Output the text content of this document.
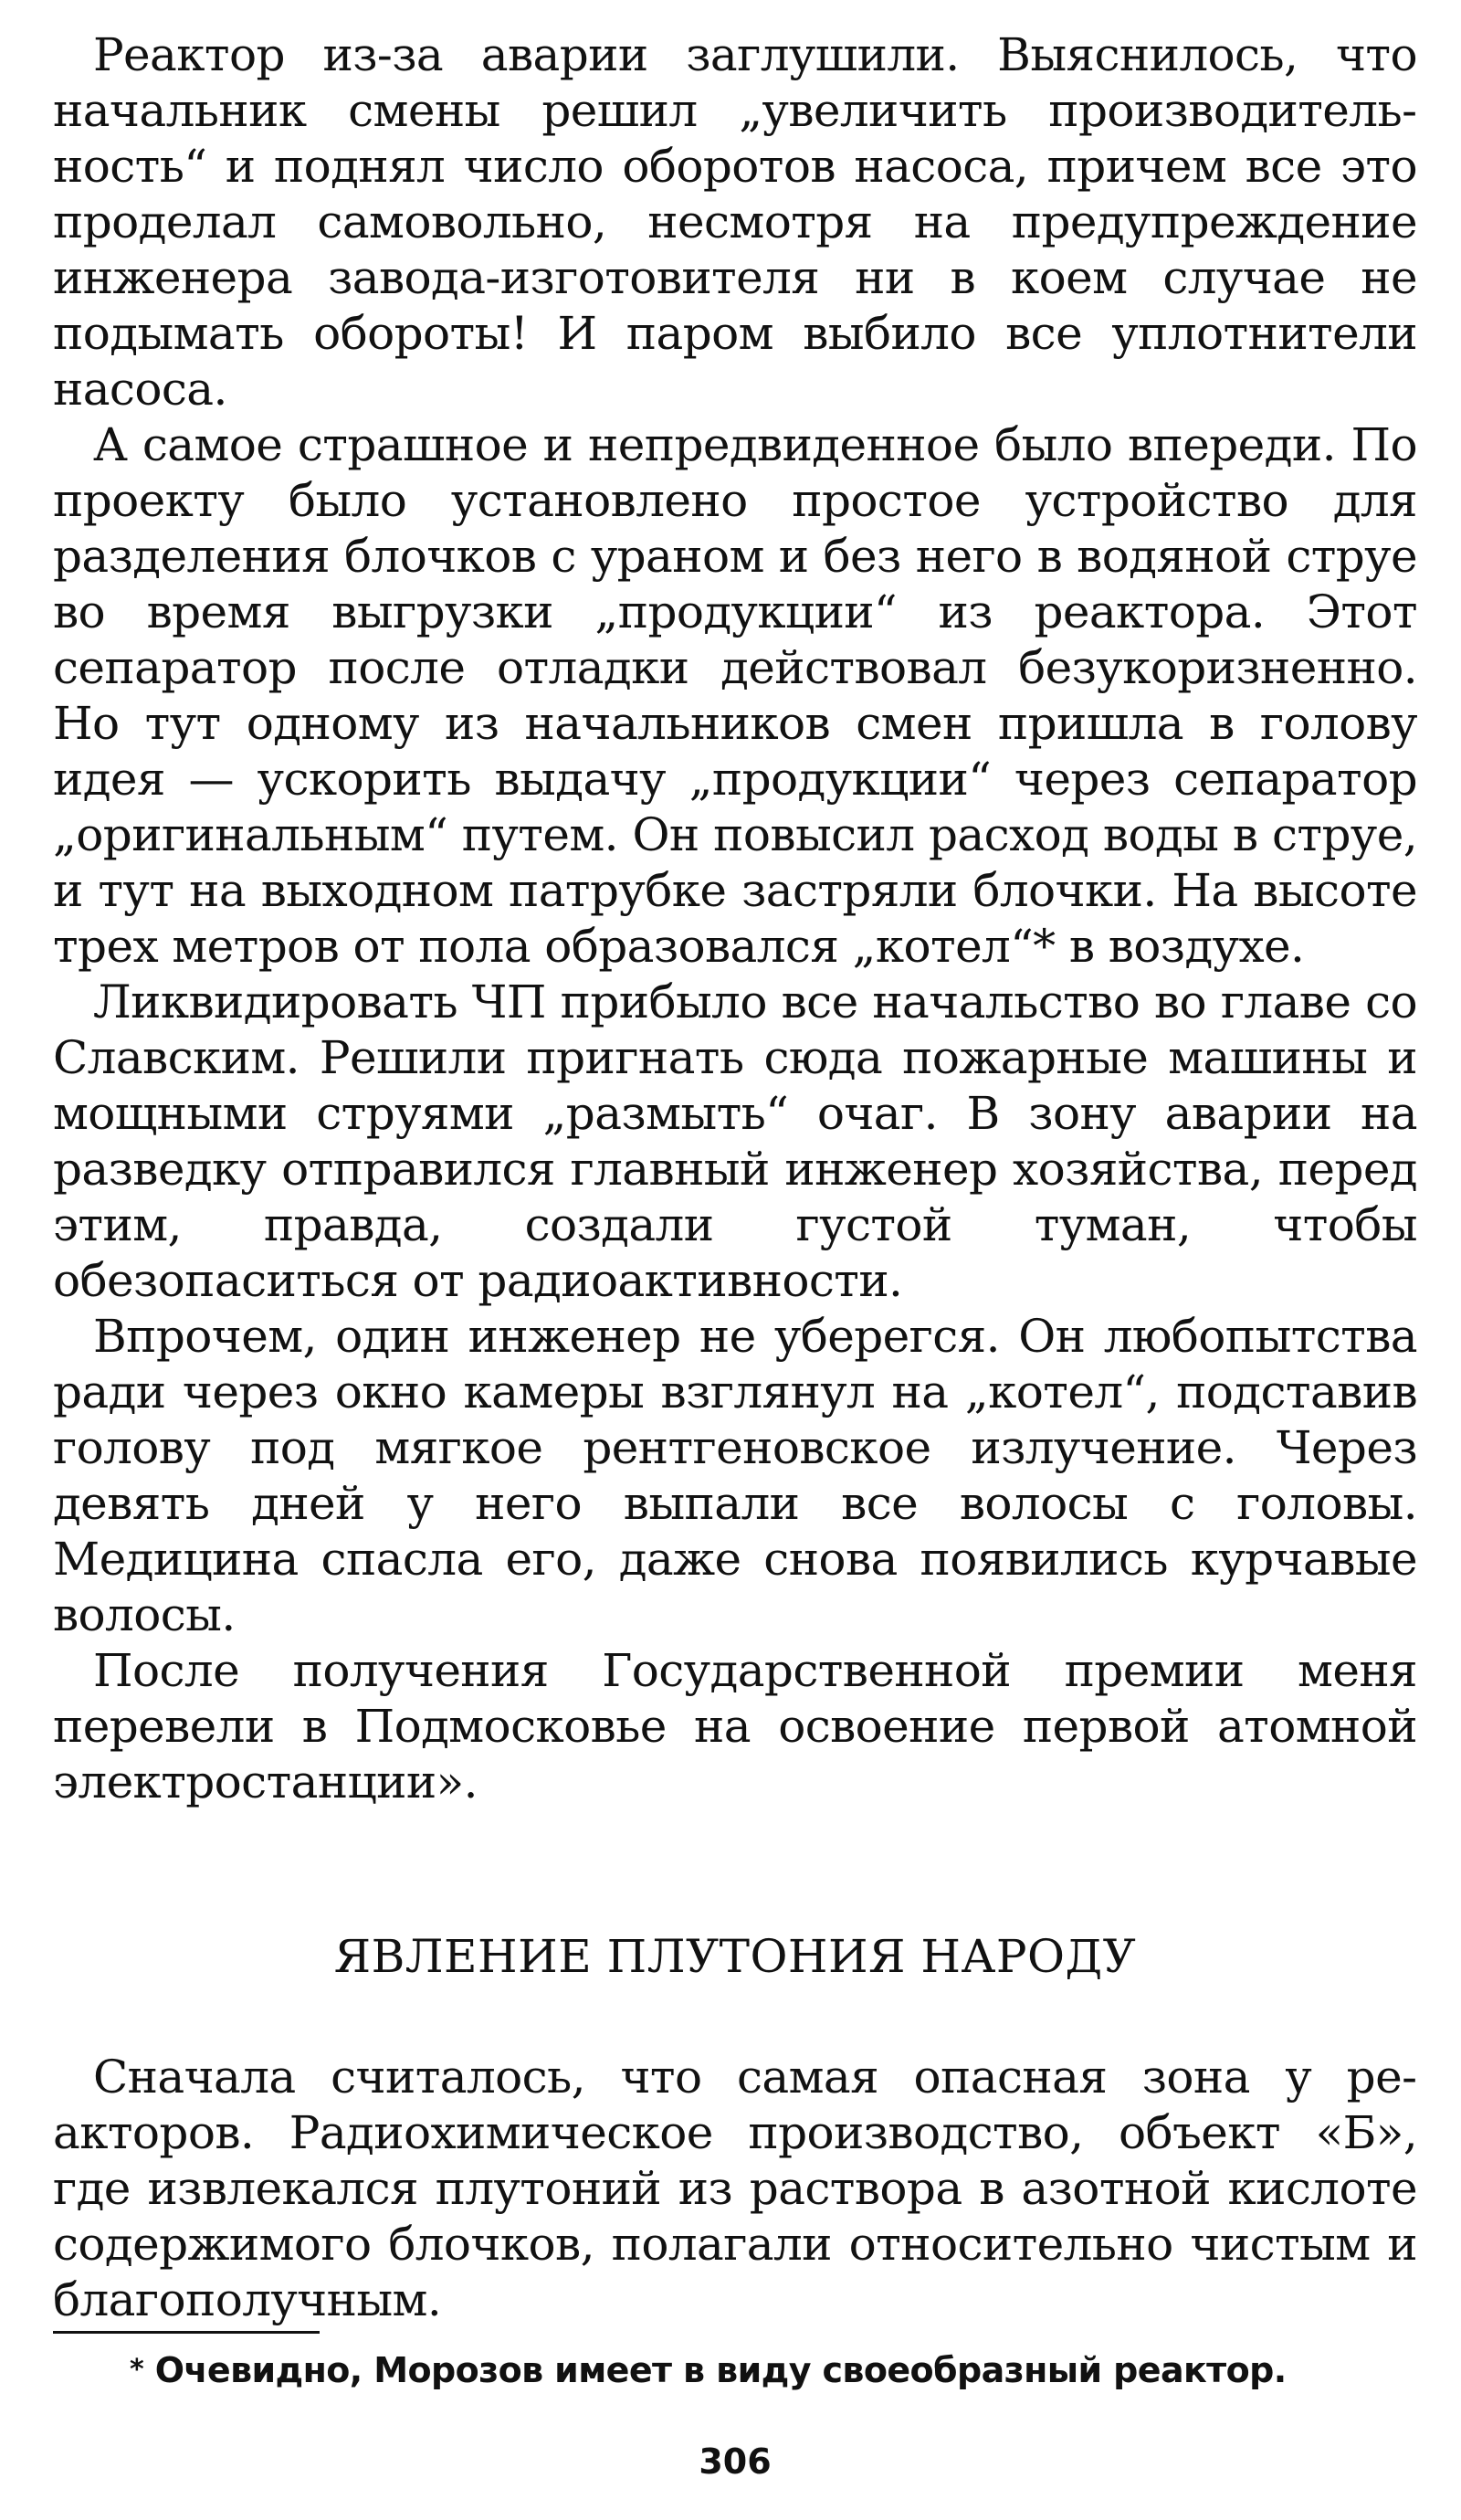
Реактор из-за аварии заглушили. Выяснилось, что начальник смены решил „увеличить производительность“ и поднял число оборотов насоса, причем все это проделал самовольно, несмотря на предупреждение инженера завода-изготовителя ни в коем случае не подымать обороты! И паром выбило все уплотнители насоса.

А самое страшное и непредвиденное было впереди. По проекту было установлено простое устройство для разделения блочков с ураном и без него в водяной струе во время выгрузки „продукции“ из реактора. Этот сепаратор после отладки действовал безукоризненно. Но тут одному из начальников смен пришла в голову идея — ускорить выдачу „продукции“ через сепаратор „оригинальным“ путем. Он повысил расход воды в струе, и тут на выходном патрубке застряли блочки. На высоте трех метров от пола образовался „котел“* в воздухе.

Ликвидировать ЧП прибыло все начальство во главе со Славским. Решили пригнать сюда пожарные машины и мощными струями „размыть“ очаг. В зону аварии на разведку отправился главный инженер хозяйства, перед этим, правда, создали густой туман, чтобы обезопаситься от радиоактивности.

Впрочем, один инженер не уберегся. Он любопытства ради через окно камеры взглянул на „котел“, подставив голову под мягкое рентгеновское излучение. Через девять дней у него выпали все волосы с головы. Медицина спасла его, даже снова появились курчавые волосы.

После получения Государственной премии меня перевели в Подмосковье на освоение первой атомной электростанции».

ЯВЛЕНИЕ ПЛУТОНИЯ НАРОДУ

Сначала считалось, что самая опасная зона у реакторов. Радиохимическое производство, объект «Б», где извлекался плутоний из раствора в азотной кислоте содержимого блочков, полагали относительно чистым и благополучным.

* Очевидно, Морозов имеет в виду своеобразный реактор.
306
